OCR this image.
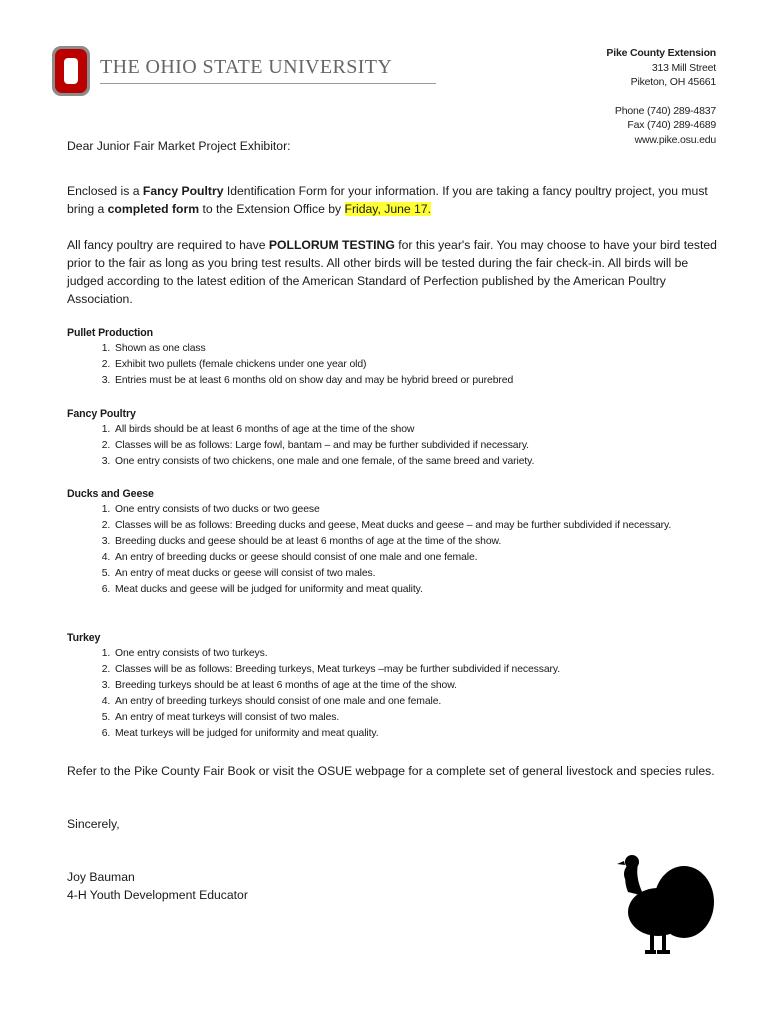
THE OHIO STATE UNIVERSITY
Pike County Extension
313 Mill Street
Piketon, OH 45661
Phone (740) 289-4837
Fax (740) 289-4689
www.pike.osu.edu
Dear Junior Fair Market Project Exhibitor:
Enclosed is a Fancy Poultry Identification Form for your information. If you are taking a fancy poultry project, you must bring a completed form to the Extension Office by Friday, June 17.
All fancy poultry are required to have POLLORUM TESTING for this year's fair. You may choose to have your bird tested prior to the fair as long as you bring test results. All other birds will be tested during the fair check-in. All birds will be judged according to the latest edition of the American Standard of Perfection published by the American Poultry Association.
Pullet Production
1. Shown as one class
2. Exhibit two pullets (female chickens under one year old)
3. Entries must be at least 6 months old on show day and may be hybrid breed or purebred
Fancy Poultry
1. All birds should be at least 6 months of age at the time of the show
2. Classes will be as follows: Large fowl, bantam – and may be further subdivided if necessary.
3. One entry consists of two chickens, one male and one female, of the same breed and variety.
Ducks and Geese
1. One entry consists of two ducks or two geese
2. Classes will be as follows: Breeding ducks and geese, Meat ducks and geese – and may be further subdivided if necessary.
3. Breeding ducks and geese should be at least 6 months of age at the time of the show.
4. An entry of breeding ducks or geese should consist of one male and one female.
5. An entry of meat ducks or geese will consist of two males.
6. Meat ducks and geese will be judged for uniformity and meat quality.
Turkey
1. One entry consists of two turkeys.
2. Classes will be as follows: Breeding turkeys, Meat turkeys –may be further subdivided if necessary.
3. Breeding turkeys should be at least 6 months of age at the time of the show.
4. An entry of breeding turkeys should consist of one male and one female.
5. An entry of meat turkeys will consist of two males.
6. Meat turkeys will be judged for uniformity and meat quality.
Refer to the Pike County Fair Book or visit the OSUE webpage for a complete set of general livestock and species rules.
Sincerely,
Joy Bauman
4-H Youth Development Educator
